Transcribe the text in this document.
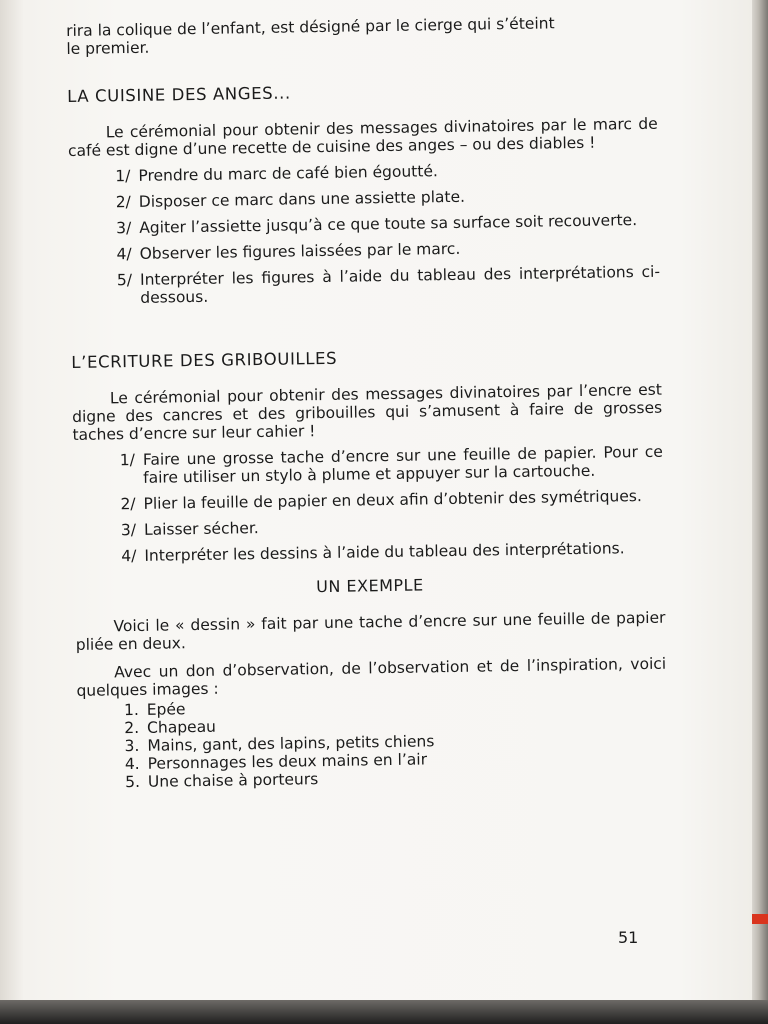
rira la colique de l’enfant, est désigné par le cierge qui s’éteint

le premier.

LA CUISINE DES ANGES...

Le cérémonial pour obtenir des messages divinatoires par le marc de café est digne d’une recette de cuisine des anges – ou des diables !

1/ Prendre du marc de café bien égoutté.
2/ Disposer ce marc dans une assiette plate.
3/ Agiter l’assiette jusqu’à ce que toute sa surface soit recouverte.
4/ Observer les figures laissées par le marc.
5/ Interpréter les figures à l’aide du tableau des interprétations ci-dessous.
L’ECRITURE DES GRIBOUILLES

Le cérémonial pour obtenir des messages divinatoires par l’encre est digne des cancres et des gribouilles qui s’amusent à faire de grosses taches d’encre sur leur cahier !

1/ Faire une grosse tache d’encre sur une feuille de papier. Pour ce faire utiliser un stylo à plume et appuyer sur la cartouche.
2/ Plier la feuille de papier en deux afin d’obtenir des symétriques.
3/ Laisser sécher.
4/ Interpréter les dessins à l’aide du tableau des interprétations.

UN EXEMPLE

Voici le « dessin » fait par une tache d’encre sur une feuille de papier pliée en deux.

Avec un don d’observation, de l’observation et de l’inspiration, voici quelques images :

1. Epée
2. Chapeau
3. Mains, gant, des lapins, petits chiens
4. Personnages les deux mains en l’air
5. Une chaise à porteurs
51
